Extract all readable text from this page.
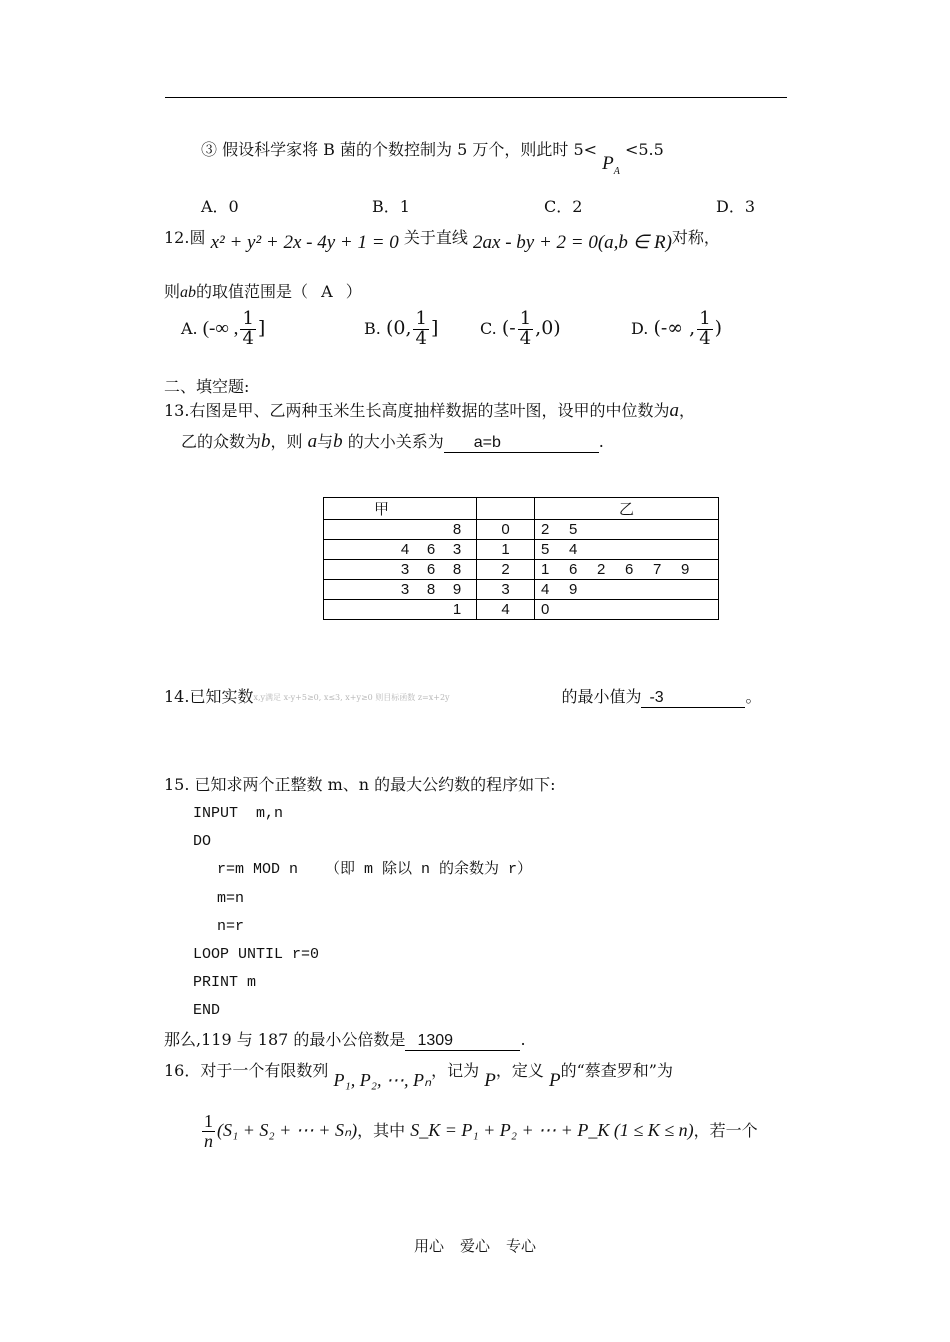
③ 假设科学家将 B 菌的个数控制为 5 万个，则此时 $5< P_A <5.5$
A．0	B．1	C．2	D．3
12.圆 x² + y² + 2x - 4y + 1 = 0 关于直线 2ax - by + 2 = 0(a,b ∈ R)对称，
则ab的取值范围是（ A ）
A. (-∞ , $\frac{1}{4}$ ]	B. (0, $\frac{1}{4}$ ]	C. (- $\frac{1}{4} ,0$)	D. (-∞ , $\frac{1}{4}$ )
二、填空题:
13.右图是甲、乙两种玉米生长高度抽样数据的茎叶图，设甲的中位数为a，
乙的众数为b，则 a与b 的大小关系为 a=b	.
甲		乙
8	0	2 5
4 6 3	1	5 4
3 6 8	2	1 6 2 6 7 9
3 8 9	3	4 9
1	4	0
14.已知实数x,y满足 x-y+5≥0, x≤3, x+y≥0 则目标函数 z=x+2y	的最小值为 -3	。
15. 已知求两个正整数 m、n 的最大公约数的程序如下:
INPUT  m,n
DO
r=m MOD n   （即 m 除以 n 的余数为 r）
m=n
n=r
LOOP UNTIL r=0
PRINT m
END
那么,119 与 187 的最小公倍数是 1309	.
16．对于一个有限数列 P₁, P₂, ⋯, Pₙ，记为 P，定义 P的“蔡查罗和”为
$\frac{1}{n} (S_1 + S_2$ + ⋯ + Sₙ)，其中 S_K = P₁ + P₂ + ⋯ + P_K (1 ≤ K ≤ n)，若一个
用心 爱心 专心
